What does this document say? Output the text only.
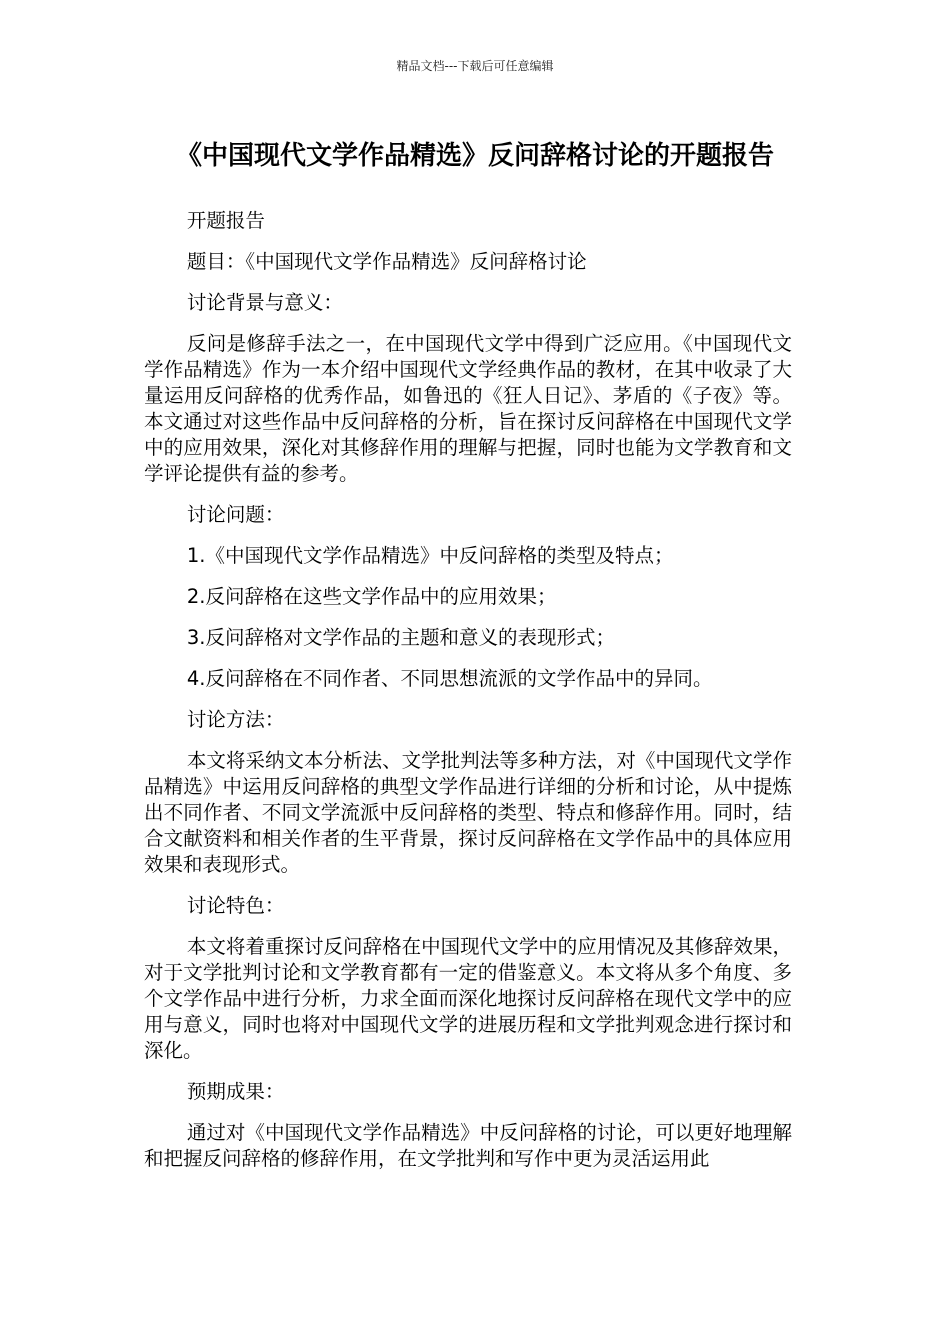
精品文档---下载后可任意编辑
《中国现代文学作品精选》反问辞格讨论的开题报告

开题报告

题目：《中国现代文学作品精选》反问辞格讨论

讨论背景与意义：

反问是修辞手法之一，在中国现代文学中得到广泛应用。《中国现代文学作品精选》作为一本介绍中国现代文学经典作品的教材，在其中收录了大量运用反问辞格的优秀作品，如鲁迅的《狂人日记》、茅盾的《子夜》等。本文通过对这些作品中反问辞格的分析，旨在探讨反问辞格在中国现代文学中的应用效果，深化对其修辞作用的理解与把握，同时也能为文学教育和文学评论提供有益的参考。

讨论问题：

1.《中国现代文学作品精选》中反问辞格的类型及特点；

2.反问辞格在这些文学作品中的应用效果；

3.反问辞格对文学作品的主题和意义的表现形式；

4.反问辞格在不同作者、不同思想流派的文学作品中的异同。

讨论方法：

本文将采纳文本分析法、文学批判法等多种方法，对《中国现代文学作品精选》中运用反问辞格的典型文学作品进行详细的分析和讨论，从中提炼出不同作者、不同文学流派中反问辞格的类型、特点和修辞作用。同时，结合文献资料和相关作者的生平背景，探讨反问辞格在文学作品中的具体应用效果和表现形式。

讨论特色：

本文将着重探讨反问辞格在中国现代文学中的应用情况及其修辞效果，对于文学批判讨论和文学教育都有一定的借鉴意义。本文将从多个角度、多个文学作品中进行分析，力求全面而深化地探讨反问辞格在现代文学中的应用与意义，同时也将对中国现代文学的进展历程和文学批判观念进行探讨和深化。

预期成果：

通过对《中国现代文学作品精选》中反问辞格的讨论，可以更好地理解和把握反问辞格的修辞作用，在文学批判和写作中更为灵活运用此
